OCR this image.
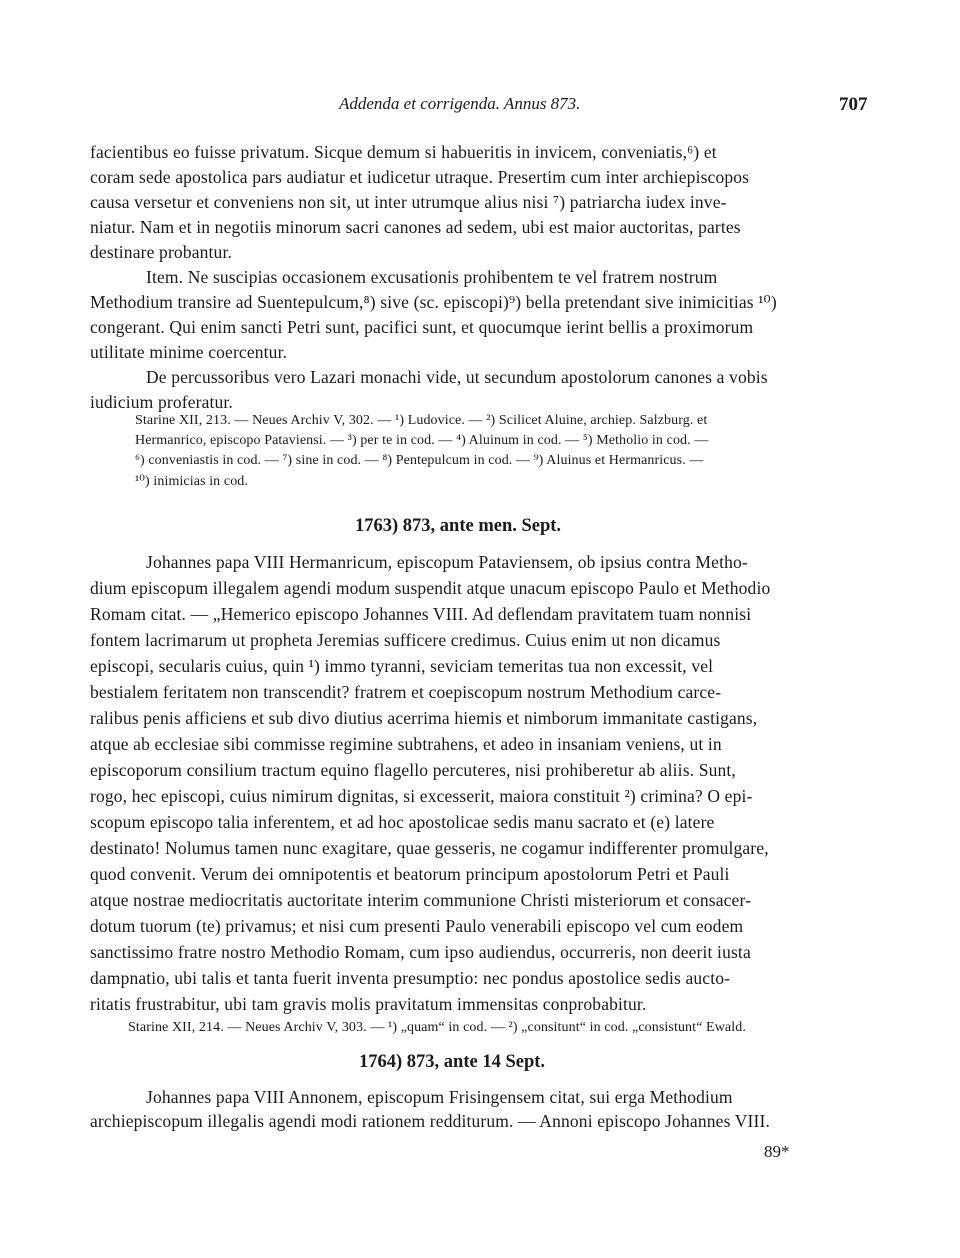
Addenda et corrigenda. Annus 873.	707
facientibus eo fuisse privatum. Sicque demum si habueritis in invicem, conveniatis,⁶) et
coram sede apostolica pars audiatur et iudicetur utraque. Presertim cum inter archiepiscopos
causa versetur et conveniens non sit, ut inter utrumque alius nisi ⁷) patriarcha iudex inve-
niatur. Nam et in negotiis minorum sacri canones ad sedem, ubi est maior auctoritas, partes
destinare probantur.
Item. Ne suscipias occasionem excusationis prohibentem te vel fratrem nostrum
Methodium transire ad Suentepulcum,⁸) sive (sc. episcopi)⁹) bella pretendant sive inimicitias ¹⁰)
congerant. Qui enim sancti Petri sunt, pacifici sunt, et quocumque ierint bellis a proximorum
utilitate minime coercentur.
De percussoribus vero Lazari monachi vide, ut secundum apostolorum canones a vobis
iudicium proferatur.
Starine XII, 213. — Neues Archiv V, 302. — ¹) Ludovice. — ²) Scilicet Aluine, archiep. Salzburg. et
Hermanrico, episcopo Pataviensi. — ³) per te in cod. — ⁴) Aluinum in cod. — ⁵) Metholio in cod. —
⁶) conveniastis in cod. — ⁷) sine in cod. — ⁸) Pentepulcum in cod. — ⁹) Aluinus et Hermanricus. —
¹⁰) inimicias in cod.
1763) 873, ante men. Sept.
Johannes papa VIII Hermanricum, episcopum Pataviensem, ob ipsius contra Metho-
dium episcopum illegalem agendi modum suspendit atque unacum episcopo Paulo et Methodio
Romam citat. — „Hemerico episcopo Johannes VIII. Ad deflendam pravitatem tuam nonnisi
fontem lacrimarum ut propheta Jeremias sufficere credimus. Cuius enim ut non dicamus
episcopi, secularis cuius, quin ¹) immo tyranni, seviciam temeritas tua non excessit, vel
bestialem feritatem non transcendit? fratrem et coepiscopum nostrum Methodium carce-
ralibus penis afficiens et sub divo diutius acerrima hiemis et nimborum immanitate castigans,
atque ab ecclesiae sibi commisse regimine subtrahens, et adeo in insaniam veniens, ut in
episcoporum consilium tractum equino flagello percuteres, nisi prohiberetur ab aliis. Sunt,
rogo, hec episcopi, cuius nimirum dignitas, si excesserit, maiora constituit ²) crimina? O epi-
scopum episcopo talia inferentem, et ad hoc apostolicae sedis manu sacrato et (e) latere
destinato! Nolumus tamen nunc exagitare, quae gesseris, ne cogamur indifferenter promulgare,
quod convenit. Verum dei omnipotentis et beatorum principum apostolorum Petri et Pauli
atque nostrae mediocritatis auctoritate interim communione Christi misteriorum et consacer-
dotum tuorum (te) privamus; et nisi cum presenti Paulo venerabili episcopo vel cum eodem
sanctissimo fratre nostro Methodio Romam, cum ipso audiendus, occurreris, non deerit iusta
dampnatio, ubi talis et tanta fuerit inventa presumptio: nec pondus apostolice sedis aucto-
ritatis frustrabitur, ubi tam gravis molis pravitatum immensitas conprobabitur.
Starine XII, 214. — Neues Archiv V, 303. — ¹) „quam“ in cod. — ²) „consitunt“ in cod. „consistunt“ Ewald.
1764) 873, ante 14 Sept.
Johannes papa VIII Annonem, episcopum Frisingensem citat, sui erga Methodium
archiepiscopum illegalis agendi modi rationem redditurum. — Annoni episcopo Johannes VIII.
89*
